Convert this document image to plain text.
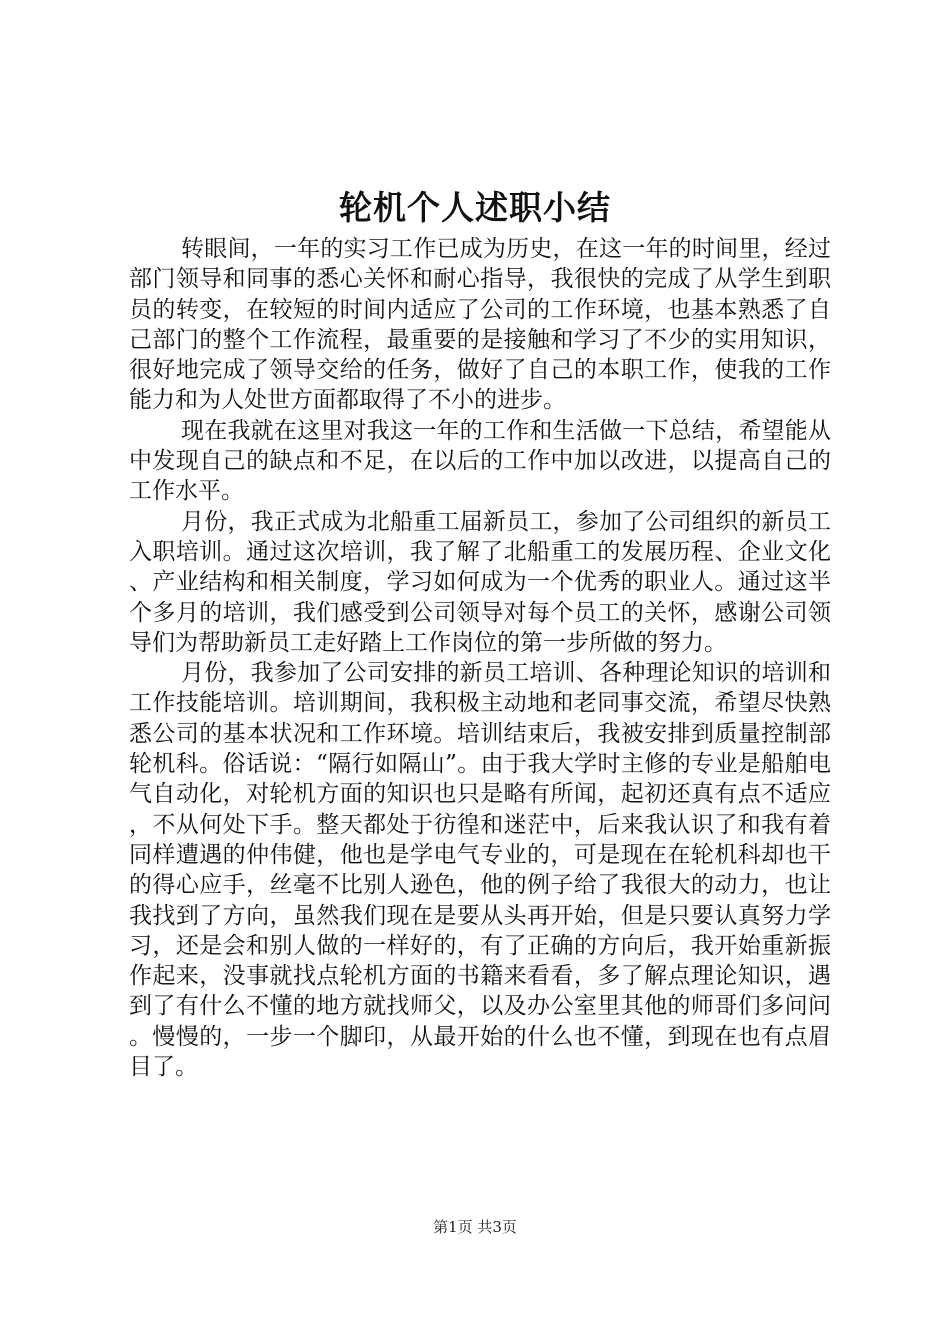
轮机个人述职小结

转眼间，一年的实习工作已成为历史，在这一年的时间里，经过部门领导和同事的悉心关怀和耐心指导，我很快的完成了从学生到职员的转变，在较短的时间内适应了公司的工作环境，也基本熟悉了自己部门的整个工作流程，最重要的是接触和学习了不少的实用知识，很好地完成了领导交给的任务，做好了自己的本职工作，使我的工作能力和为人处世方面都取得了不小的进步。

现在我就在这里对我这一年的工作和生活做一下总结，希望能从中发现自己的缺点和不足，在以后的工作中加以改进，以提高自己的工作水平。

月份，我正式成为北船重工届新员工，参加了公司组织的新员工入职培训。通过这次培训，我了解了北船重工的发展历程、企业文化、产业结构和相关制度，学习如何成为一个优秀的职业人。通过这半个多月的培训，我们感受到公司领导对每个员工的关怀，感谢公司领导们为帮助新员工走好踏上工作岗位的第一步所做的努力。

月份，我参加了公司安排的新员工培训、各种理论知识的培训和工作技能培训。培训期间，我积极主动地和老同事交流，希望尽快熟悉公司的基本状况和工作环境。培训结束后，我被安排到质量控制部轮机科。俗话说：“隔行如隔山”。由于我大学时主修的专业是船舶电气自动化，对轮机方面的知识也只是略有所闻，起初还真有点不适应，不从何处下手。整天都处于彷徨和迷茫中，后来我认识了和我有着同样遭遇的仲伟健，他也是学电气专业的，可是现在在轮机科却也干的得心应手，丝毫不比别人逊色，他的例子给了我很大的动力，也让我找到了方向，虽然我们现在是要从头再开始，但是只要认真努力学习，还是会和别人做的一样好的，有了正确的方向后，我开始重新振作起来，没事就找点轮机方面的书籍来看看，多了解点理论知识，遇到了有什么不懂的地方就找师父，以及办公室里其他的师哥们多问问。慢慢的，一步一个脚印，从最开始的什么也不懂，到现在也有点眉目了。

第1页 共3页
